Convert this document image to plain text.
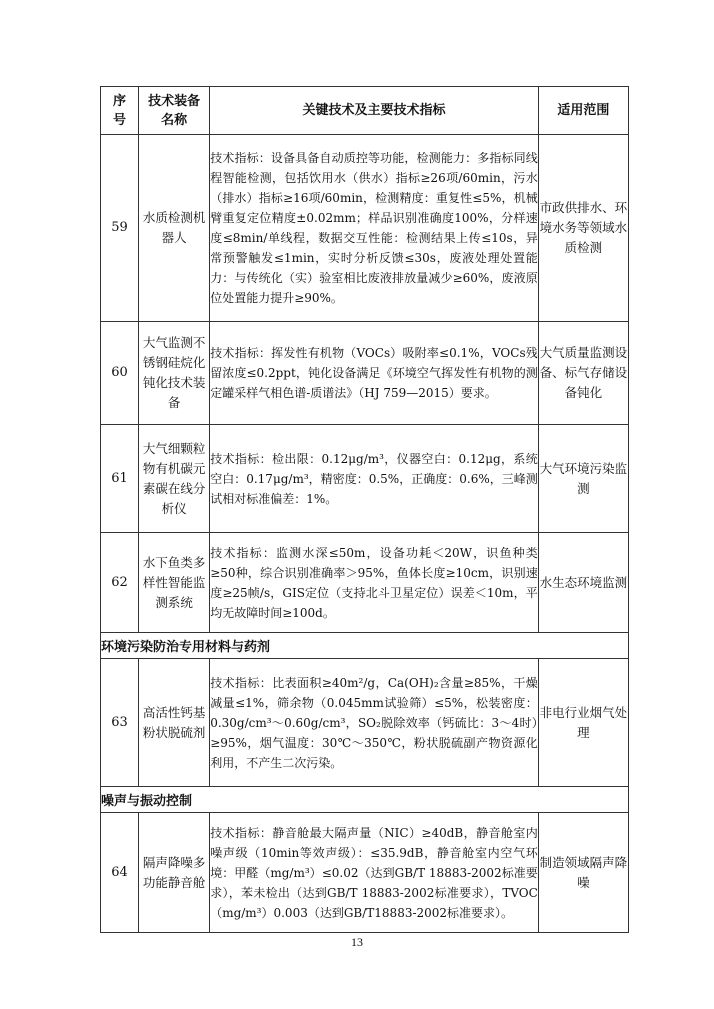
序号	技术装备名称	关键技术及主要技术指标	适用范围
59	水质检测机器人	技术指标：设备具备自动质控等功能，检测能力：多指标同线程智能检测，包括饮用水（供水）指标≥26项/60min，污水（排水）指标≥16项/60min，检测精度：重复性≤5%，机械臂重复定位精度±0.02mm；样品识别准确度100%，分样速度≤8min/单线程，数据交互性能：检测结果上传≤10s，异常预警触发≤1min，实时分析反馈≤30s，废液处理处置能力：与传统化（实）验室相比废液排放量减少≥60%，废液原位处置能力提升≥90%。	市政供排水、环境水务等领域水质检测
60	大气监测不锈钢硅烷化钝化技术装备	技术指标：挥发性有机物（VOCs）吸附率≤0.1%，VOCs残留浓度≤0.2ppt，钝化设备满足《环境空气挥发性有机物的测定罐采样气相色谱-质谱法》（HJ 759—2015）要求。	大气质量监测设备、标气存储设备钝化
61	大气细颗粒物有机碳元素碳在线分析仪	技术指标：检出限：0.12μg/m³，仪器空白：0.12μg，系统空白：0.17μg/m³，精密度：0.5%，正确度：0.6%，三峰测试相对标准偏差：1%。	大气环境污染监测
62	水下鱼类多样性智能监测系统	技术指标：监测水深≤50m，设备功耗＜20W，识鱼种类≥50种，综合识别准确率＞95%，鱼体长度≥10cm，识别速度≥25帧/s，GIS定位（支持北斗卫星定位）误差＜10m，平均无故障时间≥100d。	水生态环境监测
环境污染防治专用材料与药剂			
63	高活性钙基粉状脱硫剂	技术指标：比表面积≥40m²/g，Ca(OH)₂含量≥85%，干燥减量≤1%，筛余物（0.045mm试验筛）≤5%，松装密度：0.30g/cm³～0.60g/cm³，SO₂脱除效率（钙硫比：3～4时）≥95%，烟气温度：30℃～350℃，粉状脱硫副产物资源化利用，不产生二次污染。	非电行业烟气处理
噪声与振动控制			
64	隔声降噪多功能静音舱	技术指标：静音舱最大隔声量（NIC）≥40dB，静音舱室内噪声级（10min等效声级）：≤35.9dB，静音舱室内空气环境：甲醛（mg/m³）≤0.02（达到GB/T 18883-2002标准要求），苯未检出（达到GB/T 18883-2002标准要求），TVOC（mg/m³）0.003（达到GB/T18883-2002标准要求）。	制造领域隔声降噪
13
